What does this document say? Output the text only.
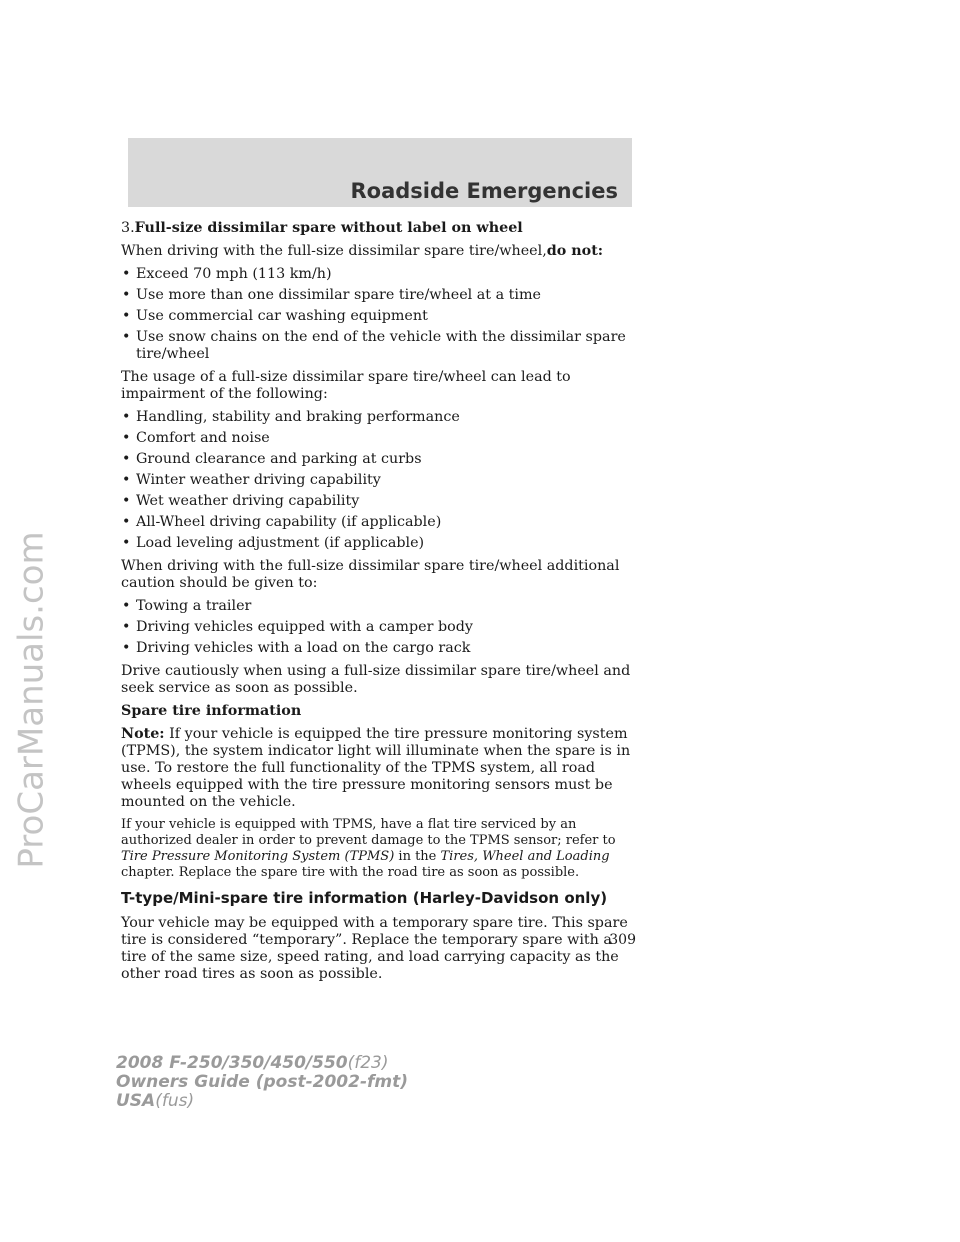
ProCarManuals.com
Roadside Emergencies

3.Full-size dissimilar spare without label on wheel

When driving with the full-size dissimilar spare tire/wheel,do not:

• Exceed 70 mph (113 km/h)
• Use more than one dissimilar spare tire/wheel at a time
• Use commercial car washing equipment
• Use snow chains on the end of the vehicle with the dissimilar spare tire/wheel

The usage of a full-size dissimilar spare tire/wheel can lead to impairment of the following:

• Handling, stability and braking performance
• Comfort and noise
• Ground clearance and parking at curbs
• Winter weather driving capability
• Wet weather driving capability
• All-Wheel driving capability (if applicable)
• Load leveling adjustment (if applicable)

When driving with the full-size dissimilar spare tire/wheel additional caution should be given to:

• Towing a trailer
• Driving vehicles equipped with a camper body
• Driving vehicles with a load on the cargo rack

Drive cautiously when using a full-size dissimilar spare tire/wheel and seek service as soon as possible.

Spare tire information

Note: If your vehicle is equipped the tire pressure monitoring system (TPMS), the system indicator light will illuminate when the spare is in use. To restore the full functionality of the TPMS system, all road wheels equipped with the tire pressure monitoring sensors must be mounted on the vehicle.

If your vehicle is equipped with TPMS, have a flat tire serviced by an authorized dealer in order to prevent damage to the TPMS sensor; refer to Tire Pressure Monitoring System (TPMS) in the Tires, Wheel and Loading chapter. Replace the spare tire with the road tire as soon as possible.

T-type/Mini-spare tire information (Harley-Davidson only)

Your vehicle may be equipped with a temporary spare tire. This spare tire is considered “temporary”. Replace the temporary spare with a tire of the same size, speed rating, and load carrying capacity as the other road tires as soon as possible.

309
2008 F-250/350/450/550(f23)
Owners Guide (post-2002-fmt)
USA(fus)
